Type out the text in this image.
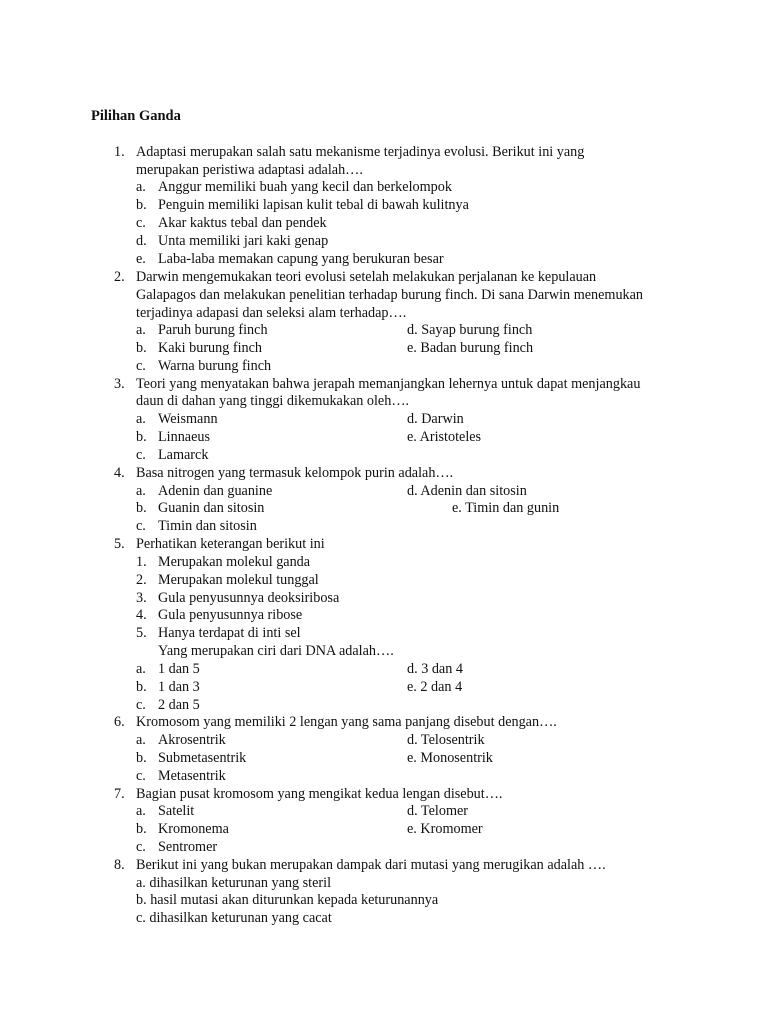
Pilihan Ganda
1. Adaptasi merupakan salah satu mekanisme terjadinya evolusi. Berikut ini yang
merupakan peristiwa adaptasi adalah….
a. Anggur memiliki buah yang kecil dan berkelompok
b. Penguin memiliki lapisan kulit tebal di bawah kulitnya
c. Akar kaktus tebal dan pendek
d. Unta memiliki jari kaki genap
e. Laba-laba memakan capung yang berukuran besar
2. Darwin mengemukakan teori evolusi setelah melakukan perjalanan ke kepulauan
Galapagos dan melakukan penelitian terhadap burung finch. Di sana Darwin menemukan
terjadinya adapasi dan seleksi alam terhadap….
a. Paruh burung finch	d. Sayap burung finch
b. Kaki burung finch	e. Badan burung finch
c. Warna burung finch
3. Teori yang menyatakan bahwa jerapah memanjangkan lehernya untuk dapat menjangkau
daun di dahan yang tinggi dikemukakan oleh….
a. Weismann	d. Darwin
b. Linnaeus	e. Aristoteles
c. Lamarck
4. Basa nitrogen yang termasuk kelompok purin adalah….
a. Adenin dan guanine	d. Adenin dan sitosin
b. Guanin dan sitosin	e. Timin dan gunin
c. Timin dan sitosin
5. Perhatikan keterangan berikut ini
1. Merupakan molekul ganda
2. Merupakan molekul tunggal
3. Gula penyusunnya deoksiribosa
4. Gula penyusunnya ribose
5. Hanya terdapat di inti sel
Yang merupakan ciri dari DNA adalah….
a. 1 dan 5	d. 3 dan 4
b. 1 dan 3	e. 2 dan 4
c. 2 dan 5
6. Kromosom yang memiliki 2 lengan yang sama panjang disebut dengan….
a. Akrosentrik	d. Telosentrik
b. Submetasentrik	e. Monosentrik
c. Metasentrik
7. Bagian pusat kromosom yang mengikat kedua lengan disebut….
a. Satelit	d. Telomer
b. Kromonema	e. Kromomer
c. Sentromer
8. Berikut ini yang bukan merupakan dampak dari mutasi yang merugikan adalah ….
a. dihasilkan keturunan yang steril
b. hasil mutasi akan diturunkan kepada keturunannya
c. dihasilkan keturunan yang cacat
